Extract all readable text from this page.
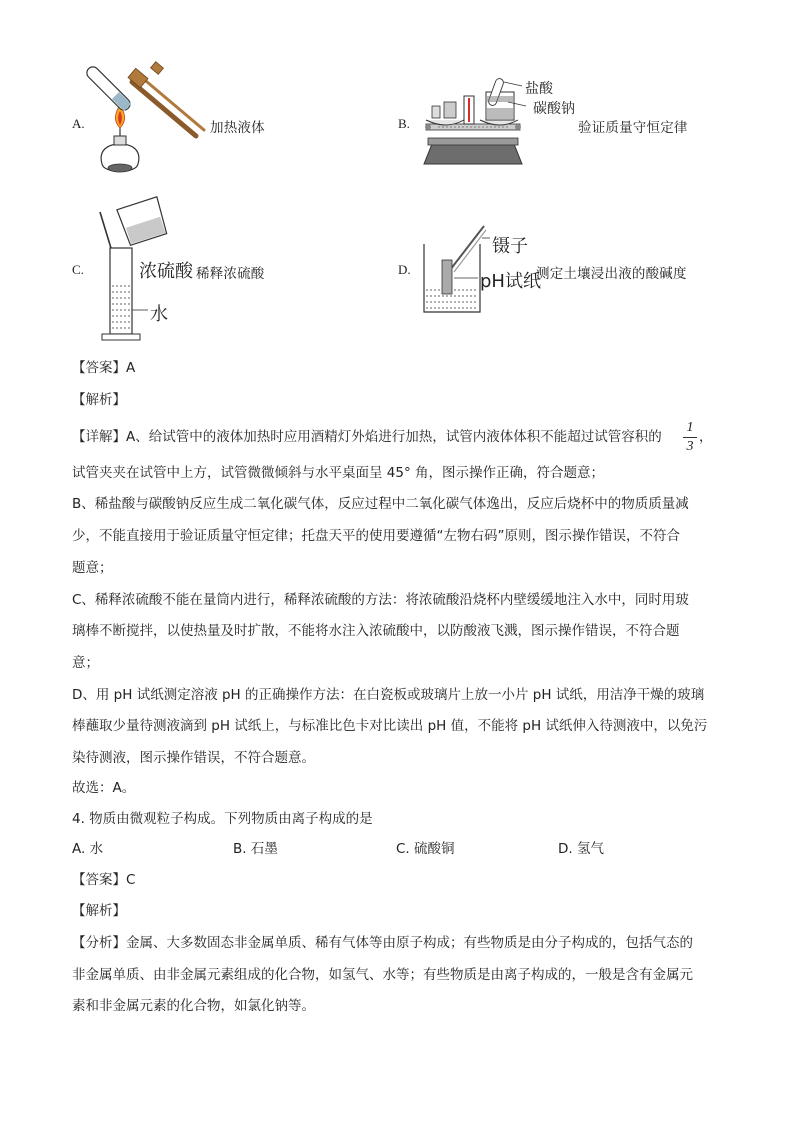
A.	加热液体	B.
盐酸
碳酸钠
验证质量守恒定律
C.	浓硫酸 稀释浓硫酸
水
D.
镊子
pH试纸
测定土壤浸出液的酸碱度
【答案】A
【解析】
【详解】A、给试管中的液体加热时应用酒精灯外焰进行加热，试管内液体体积不能超过试管容积的
1
3
，
试管夹夹在试管中上方，试管微微倾斜与水平桌面呈 45° 角，图示操作正确，符合题意；
B、稀盐酸与碳酸钠反应生成二氧化碳气体，反应过程中二氧化碳气体逸出，反应后烧杯中的物质质量减
少，不能直接用于验证质量守恒定律；托盘天平的使用要遵循“左物右码”原则，图示操作错误，不符合
题意；
C、稀释浓硫酸不能在量筒内进行，稀释浓硫酸的方法：将浓硫酸沿烧杯内壁缓缓地注入水中，同时用玻
璃棒不断搅拌，以使热量及时扩散，不能将水注入浓硫酸中，以防酸液飞溅，图示操作错误，不符合题
意；
D、用 pH 试纸测定溶液 pH 的正确操作方法：在白瓷板或玻璃片上放一小片 pH 试纸，用洁净干燥的玻璃
棒蘸取少量待测液滴到 pH 试纸上，与标准比色卡对比读出 pH 值，不能将 pH 试纸伸入待测液中，以免污
染待测液，图示操作错误，不符合题意。
故选：A。
4. 物质由微观粒子构成。下列物质由离子构成的是
A. 水	B. 石墨	C. 硫酸铜	D. 氢气
【答案】C
【解析】
【分析】金属、大多数固态非金属单质、稀有气体等由原子构成；有些物质是由分子构成的，包括气态的
非金属单质、由非金属元素组成的化合物，如氢气、水等；有些物质是由离子构成的，一般是含有金属元
素和非金属元素的化合物，如氯化钠等。
